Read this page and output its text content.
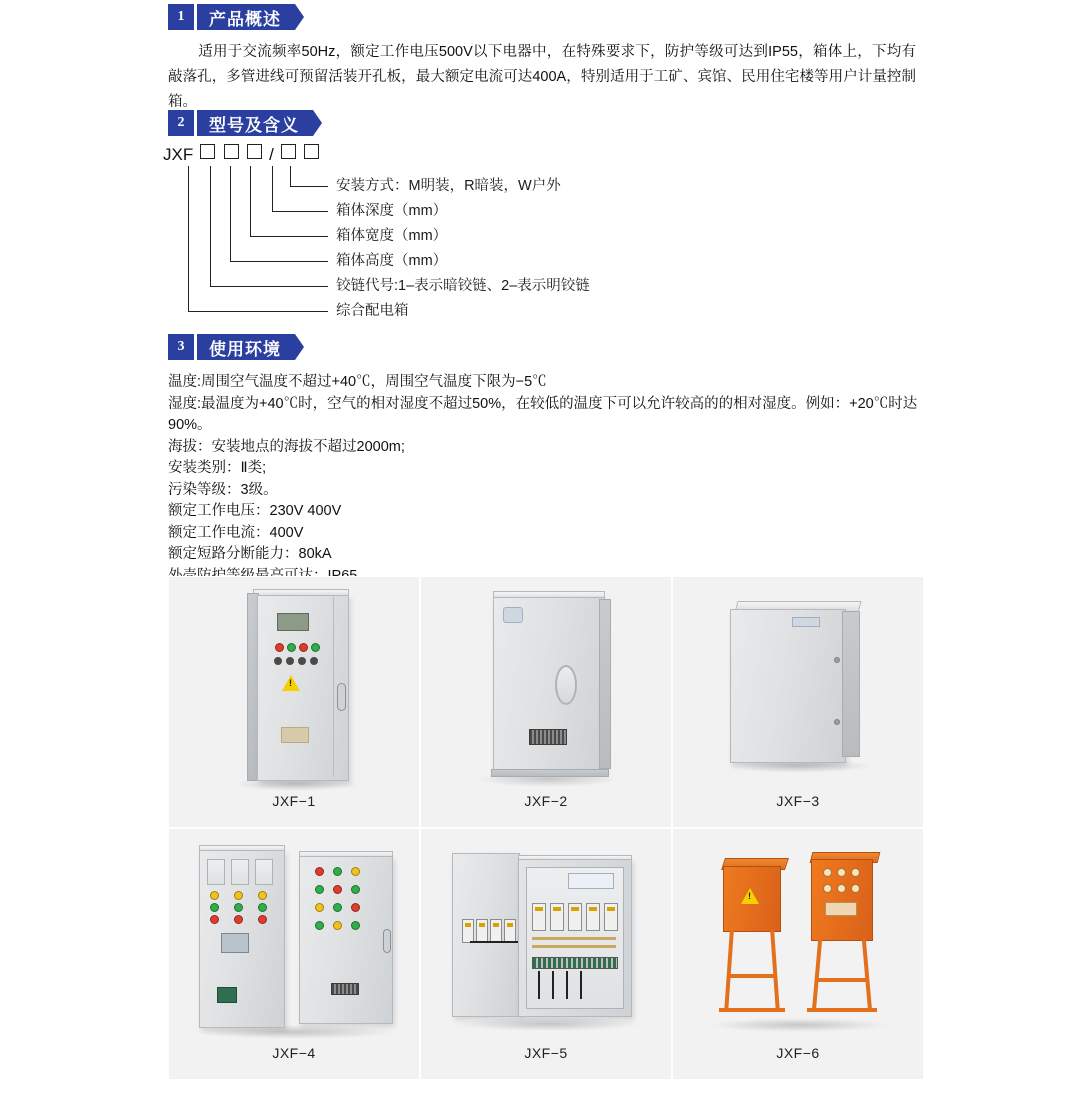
1	产品概述
适用于交流频率50Hz，额定工作电压500V以下电器中，在特殊要求下，防护等级可达到IP55，箱体上，下均有敲落孔，多管进线可预留活装开孔板，最大额定电流可达400A，特别适用于工矿、宾馆、民用住宅楼等用户计量控制箱。
2	型号及含义
JXF	/
安装方式：M明装，R暗装，W户外
箱体深度（mm）
箱体宽度（mm）
箱体高度（mm）
铰链代号:1–表示暗铰链、2–表示明铰链
综合配电箱
3	使用环境
温度:周围空气温度不超过+40℃，周围空气温度下限为−5℃
湿度:最温度为+40℃时，空气的相对湿度不超过50%，在较低的温度下可以允许较高的的相对湿度。例如：+20℃时达90%。
海拔：安装地点的海拔不超过2000m;
安装类别：Ⅱ类;
污染等级：3级。
额定工作电压：230V 400V
额定工作电流：400V
额定短路分断能力：80kA
!
JXF−1	JXF−2	JXF−3
JXF−4	JXF−5
!	JXF−6
